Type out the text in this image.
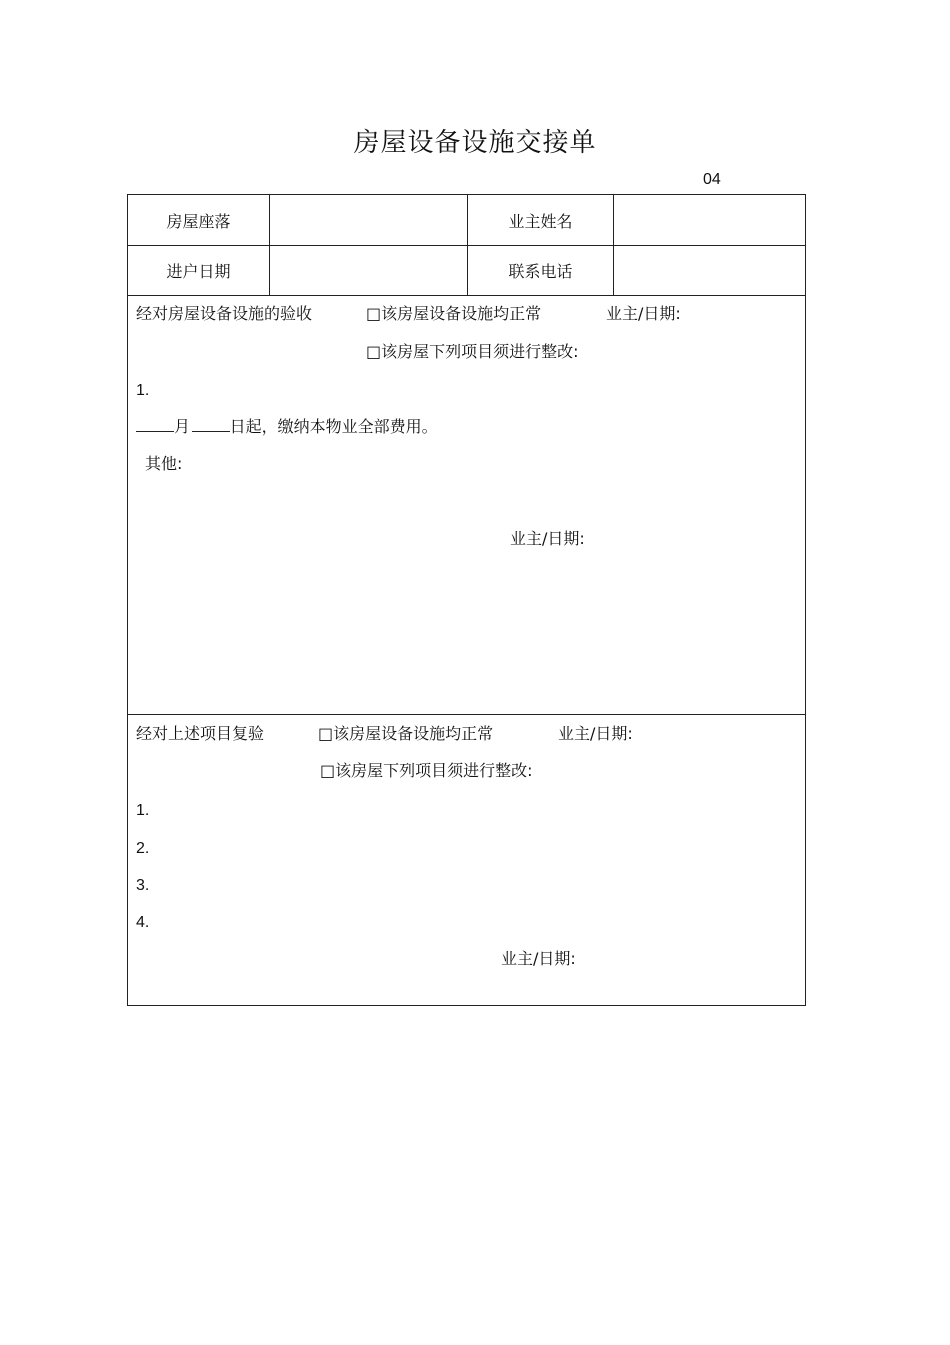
房屋设备设施交接单
04
房屋座落	业主姓名
进户日期	联系电话
经对房屋设备设施的验收	□该房屋设备设施均正常	业主/日期:
□该房屋下列项目须进行整改:
1.
月  日起，缴纳本物业全部费用。
其他:
业主/日期:
经对上述项目复验	□该房屋设备设施均正常	业主/日期:
□该房屋下列项目须进行整改:
1.
2.
3.
4.
业主/日期:
